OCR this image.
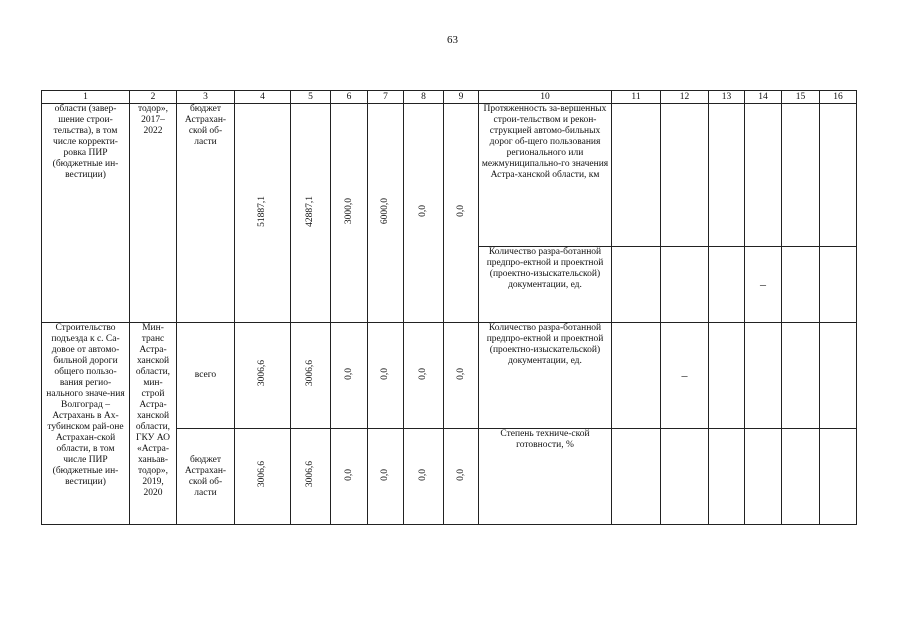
63
1	2	3	4	5	6	7	8	9	10	11	12	13	14	15	16
области (завер-шение строи-тельства), в том числе корректи-ровка ПИР (бюджетные ин-вестиции)	тодор», 2017–2022	бюджет Астрахан-ской об-ласти	51887,1	42887,1	3000,0	6000,0	0,0	0,0	Протяженность за-вершенных строи-тельством и рекон-струкцией автомо-бильных дорог об-щего пользования регионального или межмуниципально-го значения Астра-ханской области, км						
									Количество разра-ботанной предпро-ектной и проектной (проектно-изыскательской) документации, ед.				–		
Строительство подъезда к с. Са-довое от автомо-бильной дороги общего пользо-вания регио-нального значе-ния Волгоград – Астрахань в Ах-тубинском рай-оне Астрахан-ской области, в том числе ПИР (бюджетные ин-вестиции)	Мин-транс Астра-ханской области, мин-строй Астра-ханской области, ГКУ АО «Астра-ханьав-тодор», 2019, 2020	всего	3006,6	3006,6	0,0	0,0	0,0	0,0	Количество разра-ботанной предпро-ектной и проектной (проектно-изыскательской) документации, ед.		–				
		бюджет Астрахан-ской об-ласти	3006,6	3006,6	0,0	0,0	0,0	0,0	Степень техниче-ской готовности, %						
